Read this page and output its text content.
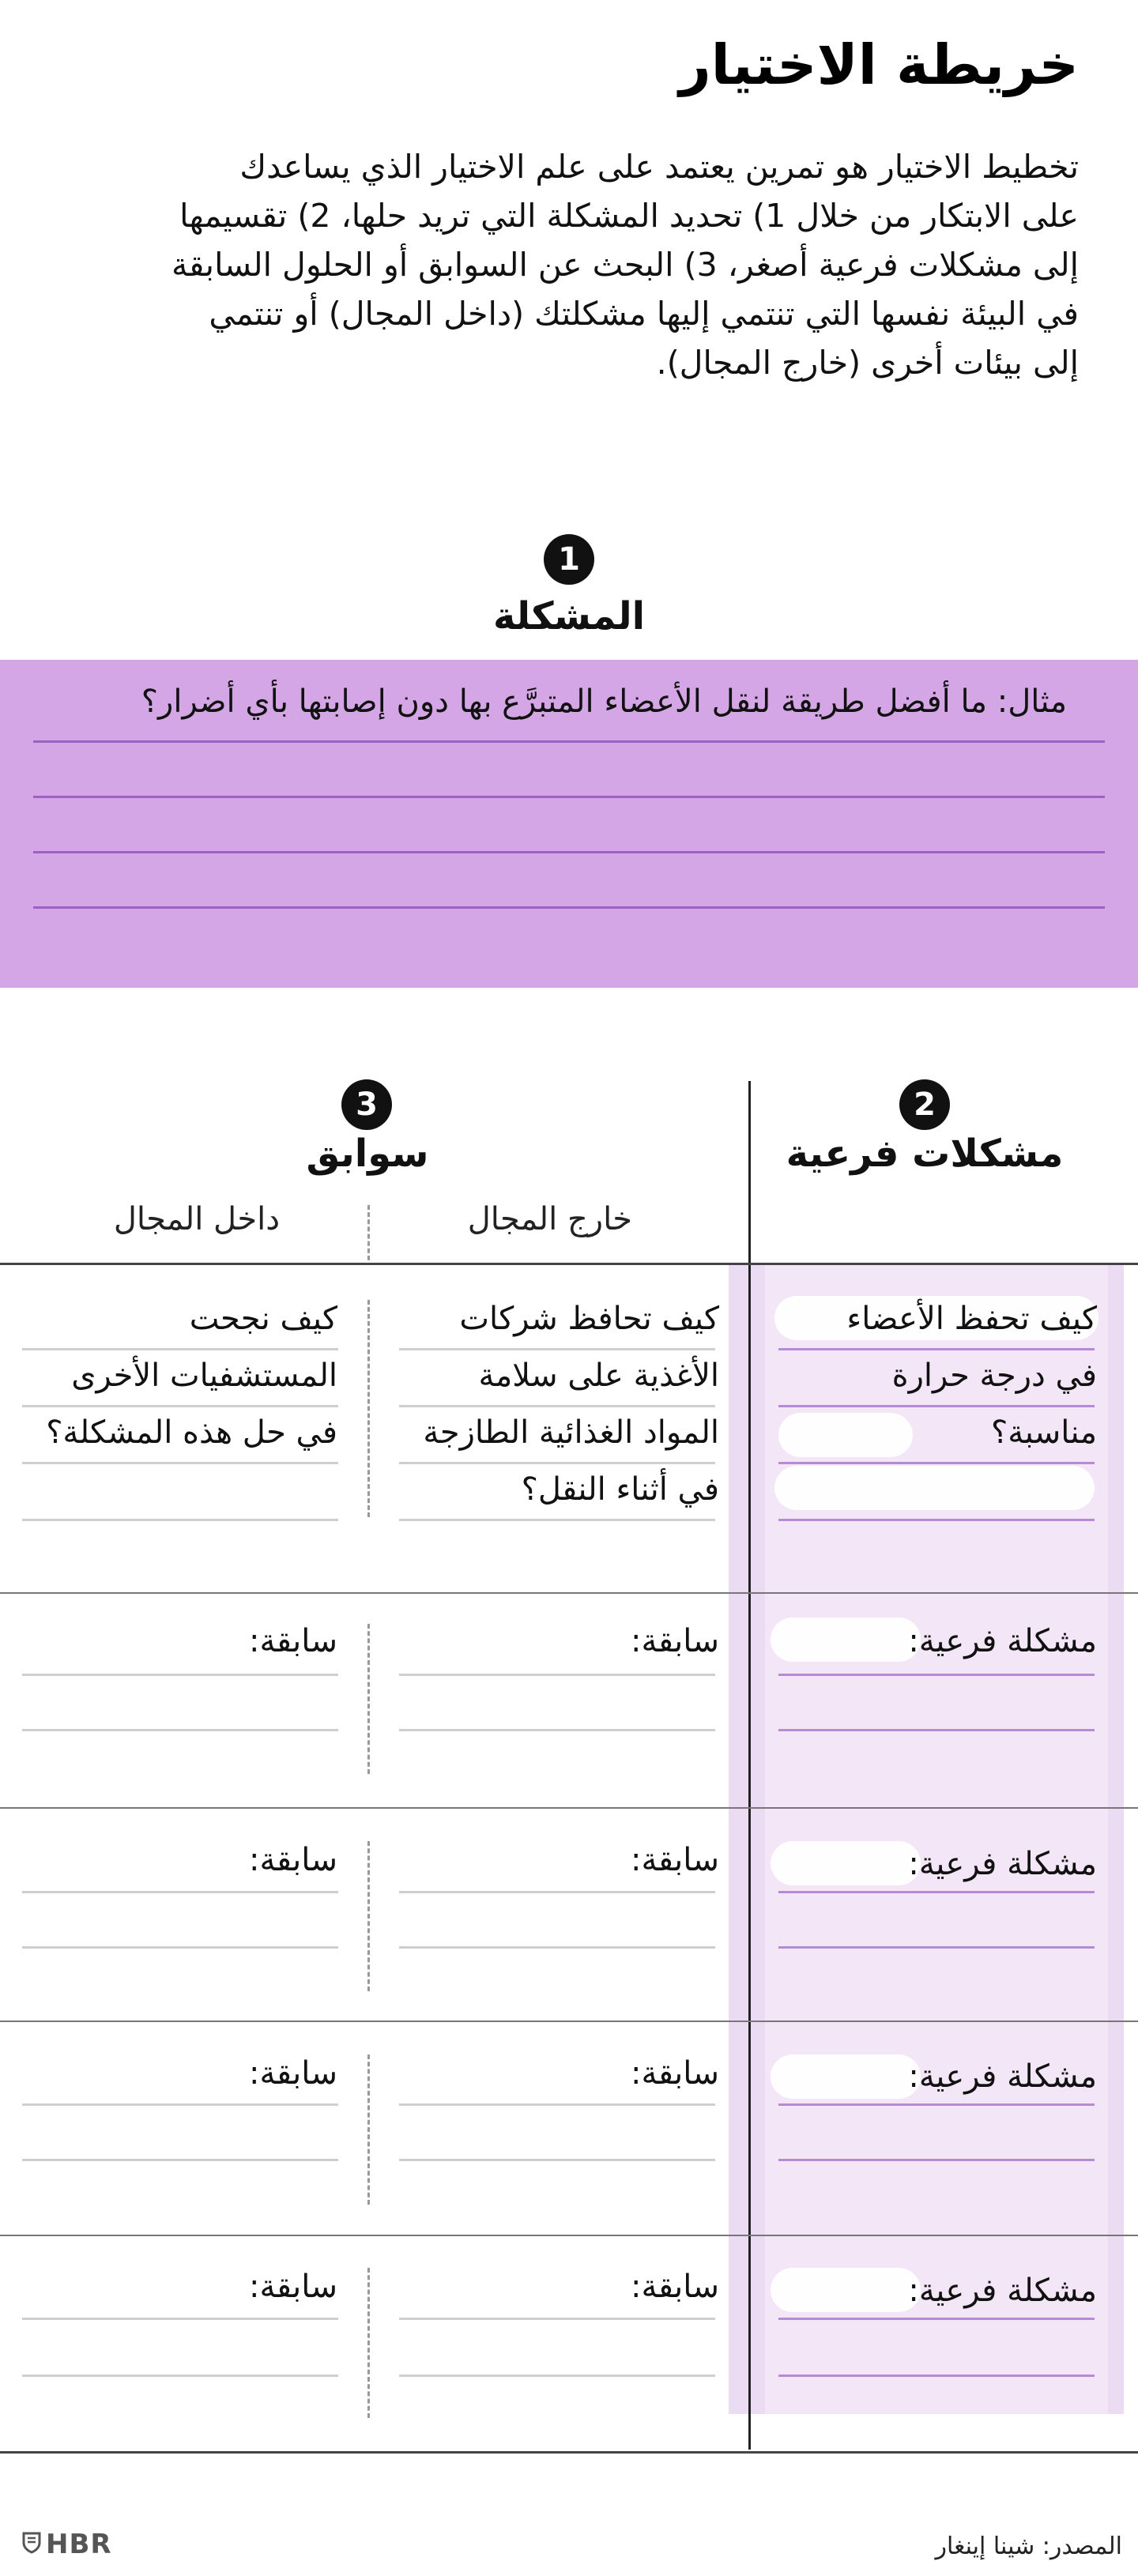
خريطة الاختيار
تخطيط الاختيار هو تمرين يعتمد على علم الاختيار الذي يساعدك
على الابتكار من خلال 1) تحديد المشكلة التي تريد حلها، 2) تقسيمها
إلى مشكلات فرعية أصغر، 3) البحث عن السوابق أو الحلول السابقة
في البيئة نفسها التي تنتمي إليها مشكلتك (داخل المجال) أو تنتمي
إلى بيئات أخرى (خارج المجال).
1
المشكلة
مثال: ما أفضل طريقة لنقل الأعضاء المتبرَّع بها دون إصابتها بأي أضرار؟
2
مشكلات فرعية
3
سوابق
خارج المجال
داخل المجال
كيف تحفظ الأعضاء
في درجة حرارة
مناسبة؟
كيف تحافظ شركات
الأغذية على سلامة
المواد الغذائية الطازجة
في أثناء النقل؟
كيف نجحت
المستشفيات الأخرى
في حل هذه المشكلة؟
مشكلة فرعية:
سابقة:
سابقة:
مشكلة فرعية:
سابقة:
سابقة:
مشكلة فرعية:
سابقة:
سابقة:
مشكلة فرعية:
سابقة:
سابقة:
المصدر: شينا إينغار
HBR
